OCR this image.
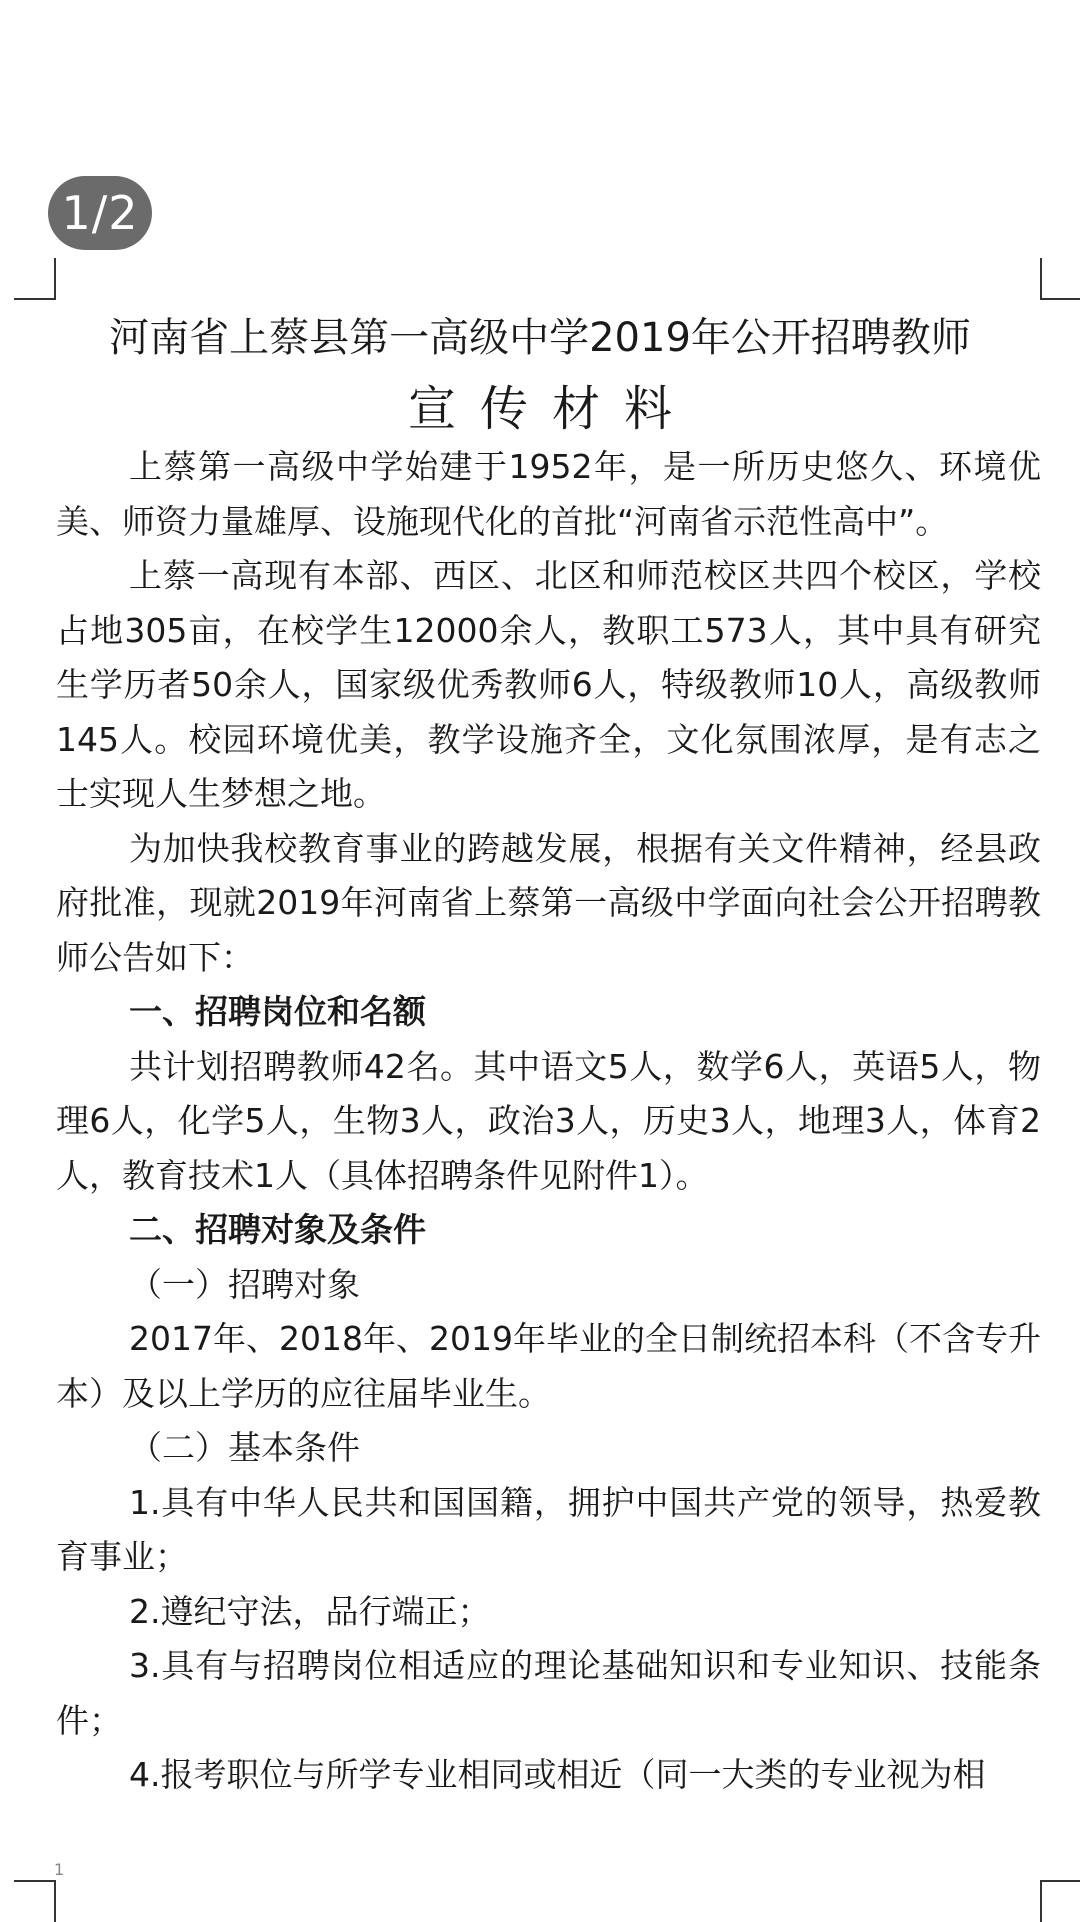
1/2
河南省上蔡县第一高级中学2019年公开招聘教师
宣传材料

上蔡第一高级中学始建于1952年，是一所历史悠久、环境优美、师资力量雄厚、设施现代化的首批“河南省示范性高中”。

上蔡一高现有本部、西区、北区和师范校区共四个校区，学校占地305亩，在校学生12000余人，教职工573人，其中具有研究生学历者50余人，国家级优秀教师6人，特级教师10人，高级教师145人。校园环境优美，教学设施齐全，文化氛围浓厚，是有志之士实现人生梦想之地。

为加快我校教育事业的跨越发展，根据有关文件精神，经县政府批准，现就2019年河南省上蔡第一高级中学面向社会公开招聘教师公告如下：

一、招聘岗位和名额

共计划招聘教师42名。其中语文5人，数学6人，英语5人，物理6人，化学5人，生物3人，政治3人，历史3人，地理3人，体育2人，教育技术1人（具体招聘条件见附件1）。

二、招聘对象及条件

（一）招聘对象

2017年、2018年、2019年毕业的全日制统招本科（不含专升本）及以上学历的应往届毕业生。

（二）基本条件

1.具有中华人民共和国国籍，拥护中国共产党的领导，热爱教育事业；

2.遵纪守法，品行端正；

3.具有与招聘岗位相适应的理论基础知识和专业知识、技能条件；

4.报考职位与所学专业相同或相近（同一大类的专业视为相

1
